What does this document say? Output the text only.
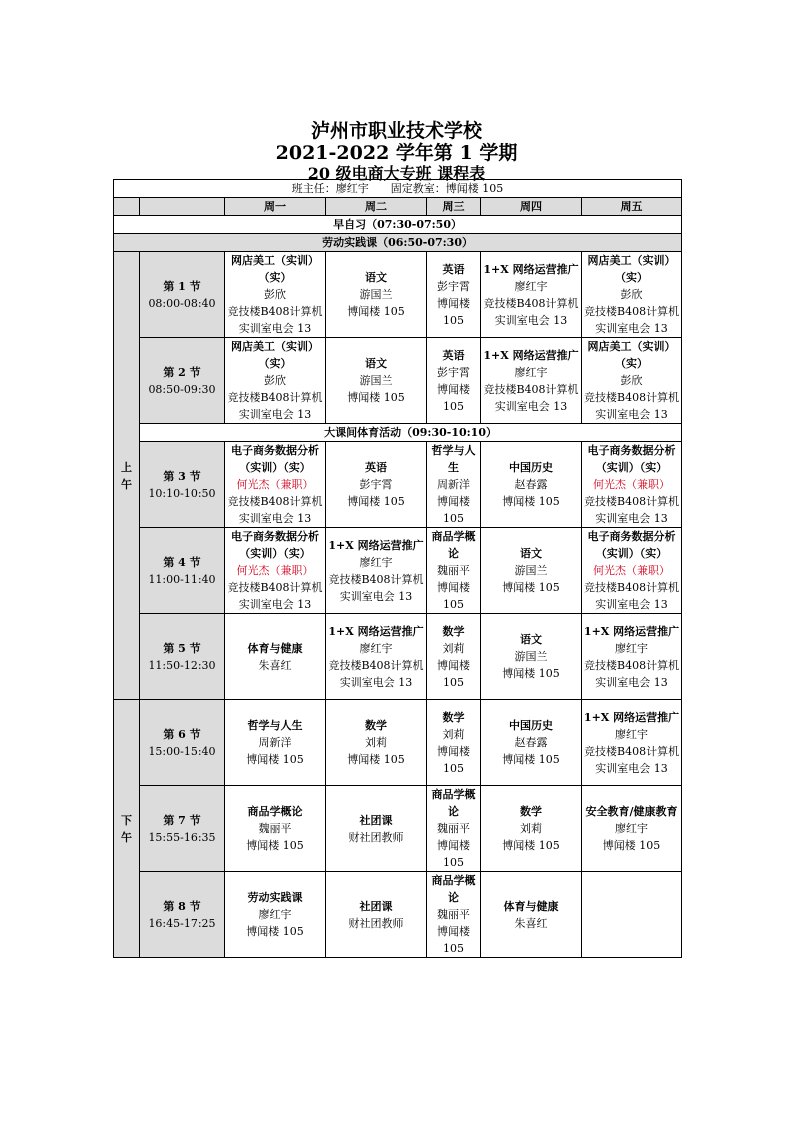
泸州市职业技术学校
2021-2022 学年第 1 学期
20 级电商大专班 课程表
班主任：廖红宇　　固定教室：博闻楼 105						
		周一	周二	周三	周四	周五
早自习（07:30-07:50）						
劳动实践课（06:50-07:30）						
上
午	第 1 节
08:00-08:40	网店美工（实训）（实）
彭欣
竞技楼B408计算机实训室电会 13	语文
游国兰
博闻楼 105	英语
彭宇霄
博闻楼 105	1+X 网络运营推广
廖红宇
竞技楼B408计算机实训室电会 13	网店美工（实训）（实）
彭欣
竞技楼B408计算机实训室电会 13

	第 2 节
08:50-09:30	网店美工（实训）（实）
彭欣
竞技楼B408计算机实训室电会 13	语文
游国兰
博闻楼 105	英语
彭宇霄
博闻楼 105	1+X 网络运营推广
廖红宇
竞技楼B408计算机实训室电会 13	网店美工（实训）（实）
彭欣
竞技楼B408计算机实训室电会 13

	大课间体育活动（09:30-10:10）					

	第 3 节
10:10-10:50	电子商务数据分析（实训）（实）
何光杰（兼职）
竞技楼B408计算机实训室电会 13	英语
彭宇霄
博闻楼 105	哲学与人生
周新洋
博闻楼 105	中国历史
赵春露
博闻楼 105	电子商务数据分析（实训）（实）
何光杰（兼职）
竞技楼B408计算机实训室电会 13

	第 4 节
11:00-11:40	电子商务数据分析（实训）（实）
何光杰（兼职）
竞技楼B408计算机实训室电会 13	1+X 网络运营推广
廖红宇
竞技楼B408计算机实训室电会 13	商品学概论
魏丽平
博闻楼 105	语文
游国兰
博闻楼 105	电子商务数据分析（实训）（实）
何光杰（兼职）
竞技楼B408计算机实训室电会 13

	第 5 节
11:50-12:30	体育与健康
朱喜红	1+X 网络运营推广
廖红宇
竞技楼B408计算机实训室电会 13	数学
刘莉
博闻楼 105	语文
游国兰
博闻楼 105	1+X 网络运营推广
廖红宇
竞技楼B408计算机实训室电会 13

下
午	第 6 节
15:00-15:40	哲学与人生
周新洋
博闻楼 105	数学
刘莉
博闻楼 105	数学
刘莉
博闻楼 105	中国历史
赵春露
博闻楼 105	1+X 网络运营推广
廖红宇
竞技楼B408计算机实训室电会 13

	第 7 节
15:55-16:35	商品学概论
魏丽平
博闻楼 105	社团课
财社团教师	商品学概论
魏丽平
博闻楼 105	数学
刘莉
博闻楼 105	安全教育/健康教育
廖红宇
博闻楼 105

	第 8 节
16:45-17:25	劳动实践课
廖红宇
博闻楼 105	社团课
财社团教师	商品学概论
魏丽平
博闻楼 105	体育与健康
朱喜红	
